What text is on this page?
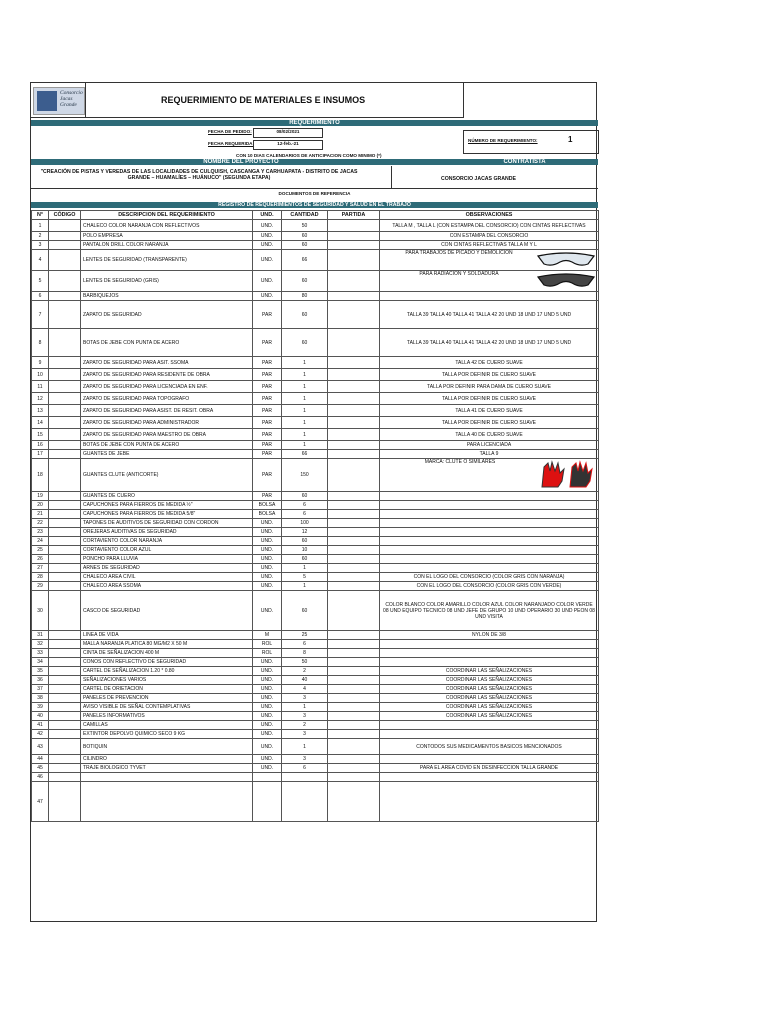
Consorcio
Jacas
Grande	REQUERIMIENTO DE MATERIALES E INSUMOS
REQUERIMIENTO
FECHA DE PEDIDO:	08/02/2021
FECHA REQUERIDA:	12-feb.-21
NÚMERO DE REQUERIMIENTO:	1
CON 10 DIAS CALENDARIOS DE ANTICIPACION COMO MINIMO (*)
NOMBRE DEL PROYECTO	CONTRATISTA
"CREACIÓN DE PISTAS Y VEREDAS DE LAS LOCALIDADES DE CULQUISH, CASCANGA Y CARHUAPATA - DISTRITO DE JACAS GRANDE – HUAMALÍES – HUÁNUCO" (SEGUNDA ETAPA)	CONSORCIO JACAS GRANDE
DOCUMENTOS DE REFERENCIA
REGISTRO DE REQUERIMIENTOS DE SEGURIDAD Y SALUD EN EL TRABAJO
N°	CÓDIGO	DESCRIPCION DEL REQUERIMIENTO	UND.	CANTIDAD	PARTIDA	OBSERVACIONES
1		CHALECO COLOR NARANJA CON REFLECTIVOS	UND.	50		TALLA M , TALLA L (CON ESTAMPA DEL CONSORCIO) CON CINTAS REFLECTIVAS
2		POLO EMPRESA	UND.	60		CON ESTAMPA DEL CONSORCIO
3		PANTALON DRILL COLOR NARANJA	UND.	60		CON CINTAS REFLECTIVAS TALLA M Y L
4		LENTES DE SEGURIDAD (TRANSPARENTE)	UND.	66		PARA TRABAJOS DE PICADO Y DEMOLICION

5		LENTES DE SEGURIDAD (GRIS)	UND.	60		PARA RADIACION Y SOLDADURA

6		BARBIQUEJOS	UND.	80		
7		ZAPATO DE SEGURIDAD	PAR	60		TALLA 39 TALLA 40 TALLA 41 TALLA 42 20 UND 18 UND 17 UND 5 UND
8		BOTAS DE JEBE CON PUNTA DE ACERO	PAR	60		TALLA 39 TALLA 40 TALLA 41 TALLA 42 20 UND 18 UND 17 UND 5 UND
9		ZAPATO DE SEGURIDAD PARA ASIT. SSOMA	PAR	1		TALLA 42 DE CUERO SUAVE
10		ZAPATO DE SEGURIDAD PARA RESIDENTE DE OBRA	PAR	1		TALLA POR DEFINIR DE CUERO SUAVE
11		ZAPATO DE SEGURIDAD PARA LICENCIADA EN ENF.	PAR	1		TALLA POR DEFINIR PARA DAMA DE CUERO SUAVE
12		ZAPATO DE SEGURIDAD PARA TOPOGRAFO	PAR	1		TALLA POR DEFINIR DE CUERO SUAVE
13		ZAPATO DE SEGURIDAD PARA ASIST. DE RESIT. OBRA	PAR	1		TALLA 41 DE CUERO SUAVE
14		ZAPATO DE SEGURIDAD PARA ADMINISTRADOR	PAR	1		TALLA POR DEFINIR DE CUERO SUAVE
15		ZAPATO DE SEGURIDAD PARA MAESTRO DE OBRA	PAR	1		TALLA 40 DE CUERO SUAVE
16		BOTAS DE JEBE CON PUNTA DE ACERO	PAR	1		PARA LICENCIADA
17		GUANTES DE JEBE	PAR	66		TALLA 9
18		GUANTES CLUTE (ANTICORTE)	PAR	150		MARCA: CLUTE O SIMILARES

19		GUANTES DE CUERO	PAR	60		
20		CAPUCHONES PARA FIERROS DE MEDIDA ½"	BOLSA	6		
21		CAPUCHONES PARA FIERROS DE MEDIDA 5/8"	BOLSA	6		
22		TAPONES DE AUDITIVOS DE SEGURIDAD CON CORDON	UND.	100		
23		OREJERAS AUDITIVAS DE SEGURIDAD	UND.	12		
24		CORTAVIENTO COLOR NARANJA	UND.	60		
25		CORTAVIENTO COLOR AZUL	UND.	10		
26		PONCHO PARA LLUVIA	UND.	60		
27		ARNES DE SEGURIDAD	UND.	1		
28		CHALECO AREA CIVIL	UND.	5		CON EL LOGO DEL CONSORCIO (COLOR GRIS CON NARANJA)
29		CHALECO AREA SSOMA	UND.	1		CON EL LOGO DEL CONSORCIO (COLOR GRIS CON VERDE)
30		CASCO DE SEGURIDAD	UND.	60		COLOR BLANCO COLOR AMARILLO COLOR AZUL COLOR NARANJADO COLOR VERDE 08 UND EQUIPO TECNICO 08 UND JEFE DE GRUPO 10 UND OPERARIO 30 UND PEON 08 UND VISITA
31		LINEA DE VIDA	M	25		NYLON DE 3/8
32		MALLA NARANJA PLATICA 80 MG/M2 X 50 M	ROL	6		
33		CINTA DE SEÑALIZACION 400 M	ROL	8		
34		CONOS CON REFLECTIVO DE SEGURIDAD	UND.	50		
35		CARTEL DE SEÑALIZACION 1.20 * 0.80	UND.	2		COORDINAR LAS SEÑALIZACIONES
36		SEÑALIZACIONES VARIOS	UND.	40		COORDINAR LAS SEÑALIZACIONES
37		CARTEL DE ORIETACION	UND.	4		COORDINAR LAS SEÑALIZACIONES
38		PANELES DE PREVENCION	UND.	3		COORDINAR LAS SEÑALIZACIONES
39		AVISO VISIBLE DE SEÑAL CONTEMPLATIVAS	UND.	1		COORDINAR LAS SEÑALIZACIONES
40		PANELES INFORMATIVOS	UND.	3		COORDINAR LAS SEÑALIZACIONES
41		CAMILLAS	UND.	2		
42		EXTINTOR DEPOLVO QUIMICO SECO 9 KG	UND.	3		
43		BOTIQUIN	UND.	1		CONTODOS SUS MEDICAMENTOS BASICOS MENCIONADOS
44		CILINDRO	UND.	3		
45		TRAJE BIOLOGICO TYVET	UND.	6		PARA EL AREA COVID EN DESINFECCION TALLA GRANDE
46						
47						
